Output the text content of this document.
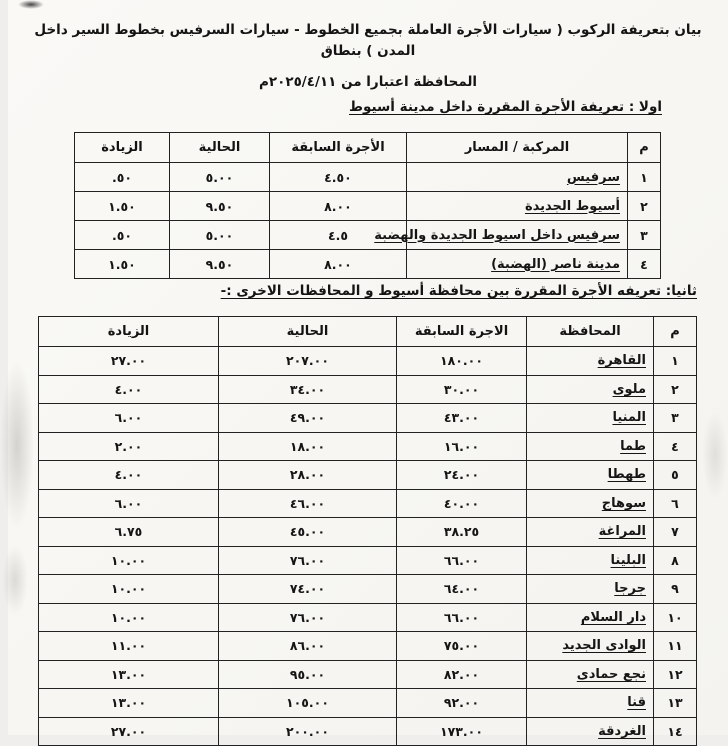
بيان بتعريفة الركوب ( سيارات الأجرة العاملة بجميع الخطوط - سيارات السرفيس بخطوط السير داخل المدن ) بنطاق

المحافظة اعتبارا من ٢٠٢٥/٤/١١م

اولا : تعريفة الأجرة المقررة داخل مدينة أسيوط
م	المركبة / المسار	الأجرة السابقة	الحالية	الزيادة
١	سرفيس	٤.٥٠	٥.٠٠	.٥٠
٢	أسيوط الجديدة	٨.٠٠	٩.٥٠	١.٥٠
٣	سرفيس داخل اسيوط الجديدة والهضبة	٤.٥	٥.٠٠	.٥٠
٤	مدينة ناصر (الهضبة)	٨.٠٠	٩.٥٠	١.٥٠
ثانيا: تعريفه الأجرة المقررة بين محافظة أسيوط و المحافظات الاخرى :-
م	المحافظة	الاجرة السابقة	الحالية	الزيادة
١	القاهرة	١٨٠.٠٠	٢٠٧.٠٠	٢٧.٠٠
٢	ملوى	٣٠.٠٠	٣٤.٠٠	٤.٠٠
٣	المنيا	٤٣.٠٠	٤٩.٠٠	٦.٠٠
٤	طما	١٦.٠٠	١٨.٠٠	٢.٠٠
٥	طهطا	٢٤.٠٠	٢٨.٠٠	٤.٠٠
٦	سوهاج	٤٠.٠٠	٤٦.٠٠	٦.٠٠
٧	المراغة	٣٨.٢٥	٤٥.٠٠	٦.٧٥
٨	البلينا	٦٦.٠٠	٧٦.٠٠	١٠.٠٠
٩	جرجا	٦٤.٠٠	٧٤.٠٠	١٠.٠٠
١٠	دار السلام	٦٦.٠٠	٧٦.٠٠	١٠.٠٠
١١	الوادى الجديد	٧٥.٠٠	٨٦.٠٠	١١.٠٠
١٢	نجع حمادى	٨٢.٠٠	٩٥.٠٠	١٣.٠٠
١٣	قنا	٩٢.٠٠	١٠٥.٠٠	١٣.٠٠
١٤	الغردقة	١٧٣.٠٠	٢٠٠.٠٠	٢٧.٠٠
